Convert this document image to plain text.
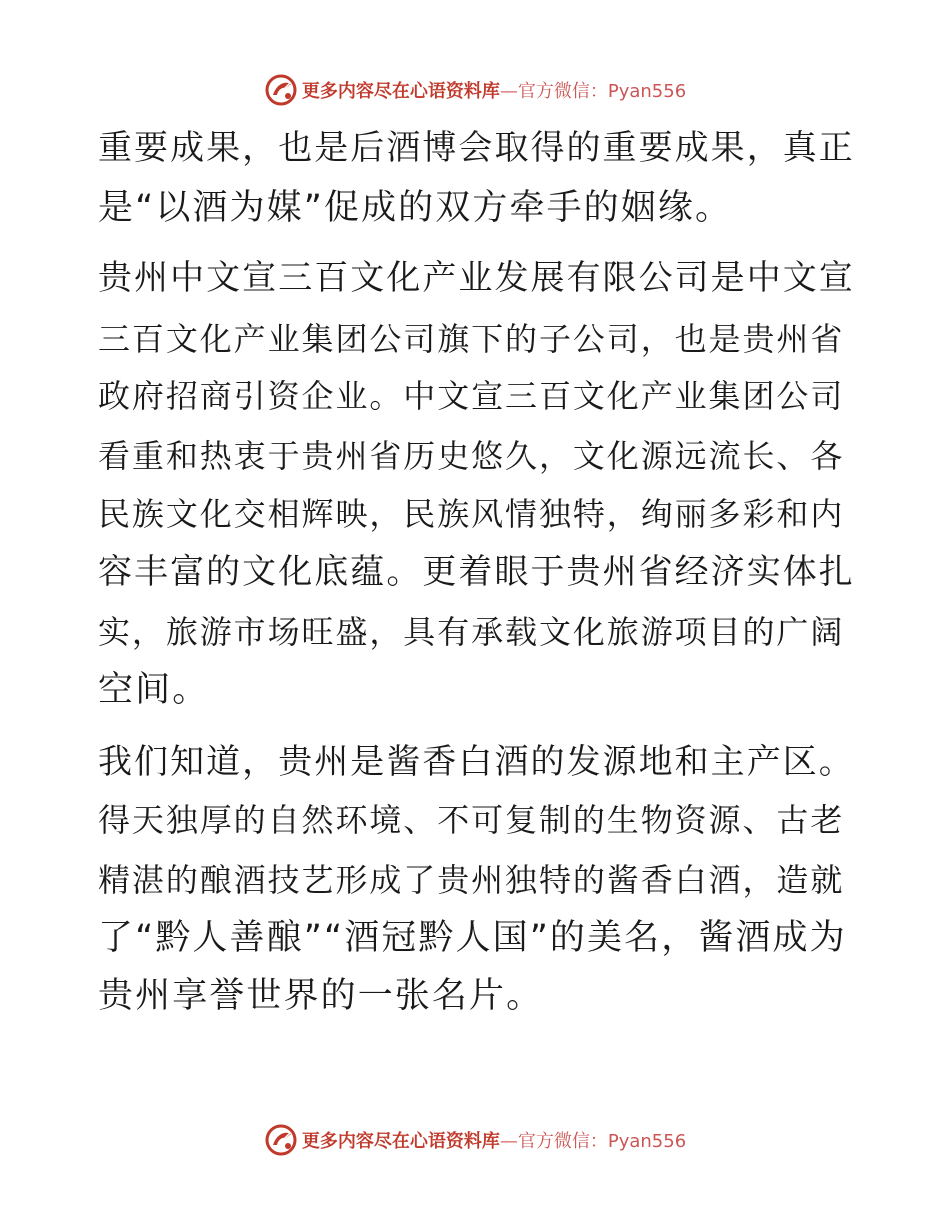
更多内容尽在心语资料库—官方微信：Pyan556
重要成果，也是后酒博会取得的重要成果，真正
是“以酒为媒”促成的双方牵手的姻缘。
贵州中文宣三百文化产业发展有限公司是中文宣
三百文化产业集团公司旗下的子公司，也是贵州省
政府招商引资企业。中文宣三百文化产业集团公司
看重和热衷于贵州省历史悠久，文化源远流长、各
民族文化交相辉映，民族风情独特，绚丽多彩和内
容丰富的文化底蕴。更着眼于贵州省经济实体扎
实，旅游市场旺盛，具有承载文化旅游项目的广阔
空间。
我们知道，贵州是酱香白酒的发源地和主产区。
得天独厚的自然环境、不可复制的生物资源、古老
精湛的酿酒技艺形成了贵州独特的酱香白酒，造就
了“黔人善酿”“酒冠黔人国”的美名，酱酒成为
贵州享誉世界的一张名片。
更多内容尽在心语资料库—官方微信：Pyan556
